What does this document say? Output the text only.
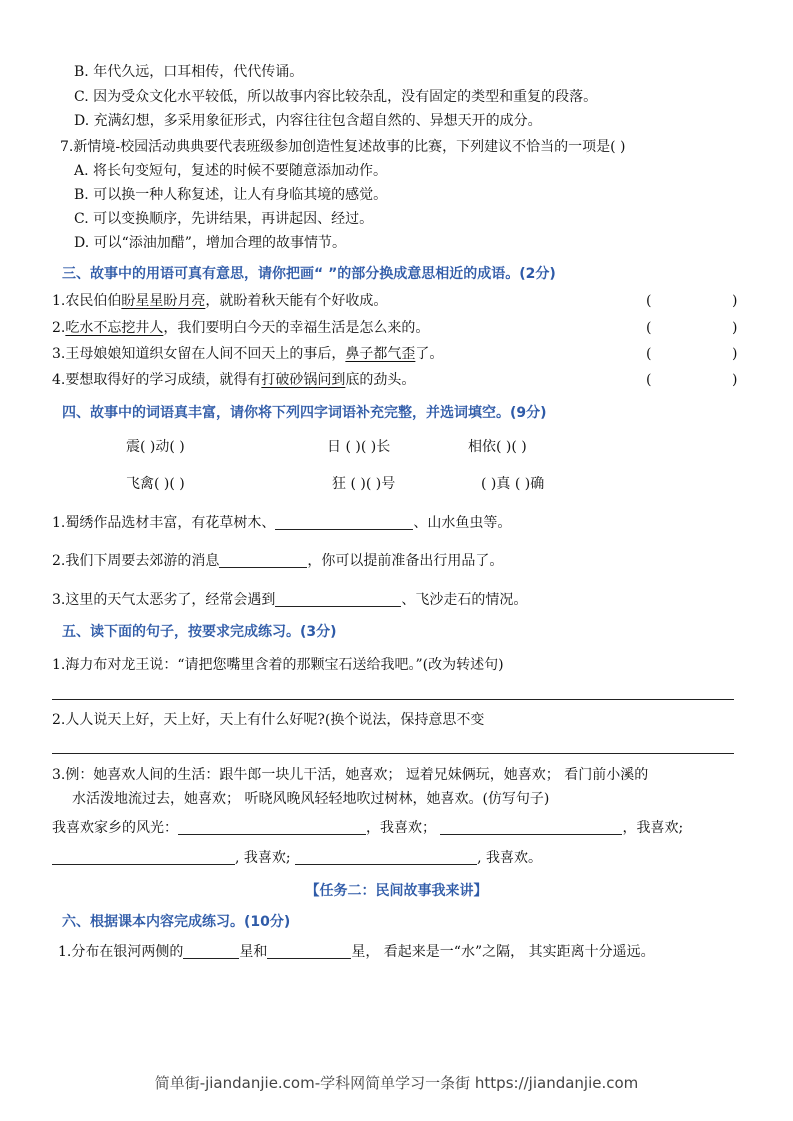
B. 年代久远，口耳相传，代代传诵。
C. 因为受众文化水平较低，所以故事内容比较杂乱，没有固定的类型和重复的段落。
D. 充满幻想，多采用象征形式，内容往往包含超自然的、异想天开的成分。
7.新情境-校园活动典典要代表班级参加创造性复述故事的比赛，下列建议不恰当的一项是( )
A. 将长句变短句，复述的时候不要随意添加动作。
B. 可以换一种人称复述，让人有身临其境的感觉。
C. 可以变换顺序，先讲结果，再讲起因、经过。
D. 可以“添油加醋”，增加合理的故事情节。
三、故事中的用语可真有意思，请你把画“ ”的部分换成意思相近的成语。(2分)
1.农民伯伯盼星星盼月亮，就盼着秋天能有个好收成。	(	)
2.吃水不忘挖井人，我们要明白今天的幸福生活是怎么来的。	(	)
3.王母娘娘知道织女留在人间不回天上的事后，鼻子都气歪了。	(	)
4.要想取得好的学习成绩，就得有打破砂锅问到底的劲头。	(	)
四、故事中的词语真丰富，请你将下列四字词语补充完整，并选词填空。(9分)
震( )动( )	日 ( )( )长	相依( )( )
飞禽( )( )	狂 ( )( )号	( )真 ( )确
1.蜀绣作品选材丰富，有花草树木、	、山水鱼虫等。
2.我们下周要去郊游的消息	，你可以提前准备出行用品了。
3.这里的天气太恶劣了，经常会遇到	、飞沙走石的情况。
五、读下面的句子，按要求完成练习。(3分)
1.海力布对龙王说：“请把您嘴里含着的那颗宝石送给我吧。”(改为转述句)
2.人人说天上好，天上好，天上有什么好呢?(换个说法，保持意思不变
3.例：她喜欢人间的生活：跟牛郎一块儿干活，她喜欢； 逗着兄妹俩玩，她喜欢； 看门前小溪的
水活泼地流过去，她喜欢； 听晓风晚风轻轻地吹过树林，她喜欢。(仿写句子)
我喜欢家乡的风光：	，我喜欢；	，我喜欢;
, 我喜欢;	, 我喜欢。
【任务二：民间故事我来讲】
六、根据课本内容完成练习。(10分)
1.分布在银河两侧的	星和	星， 看起来是一“水”之隔， 其实距离十分遥远。
简单街-jiandanjie.com-学科网简单学习一条街 https://jiandanjie.com
